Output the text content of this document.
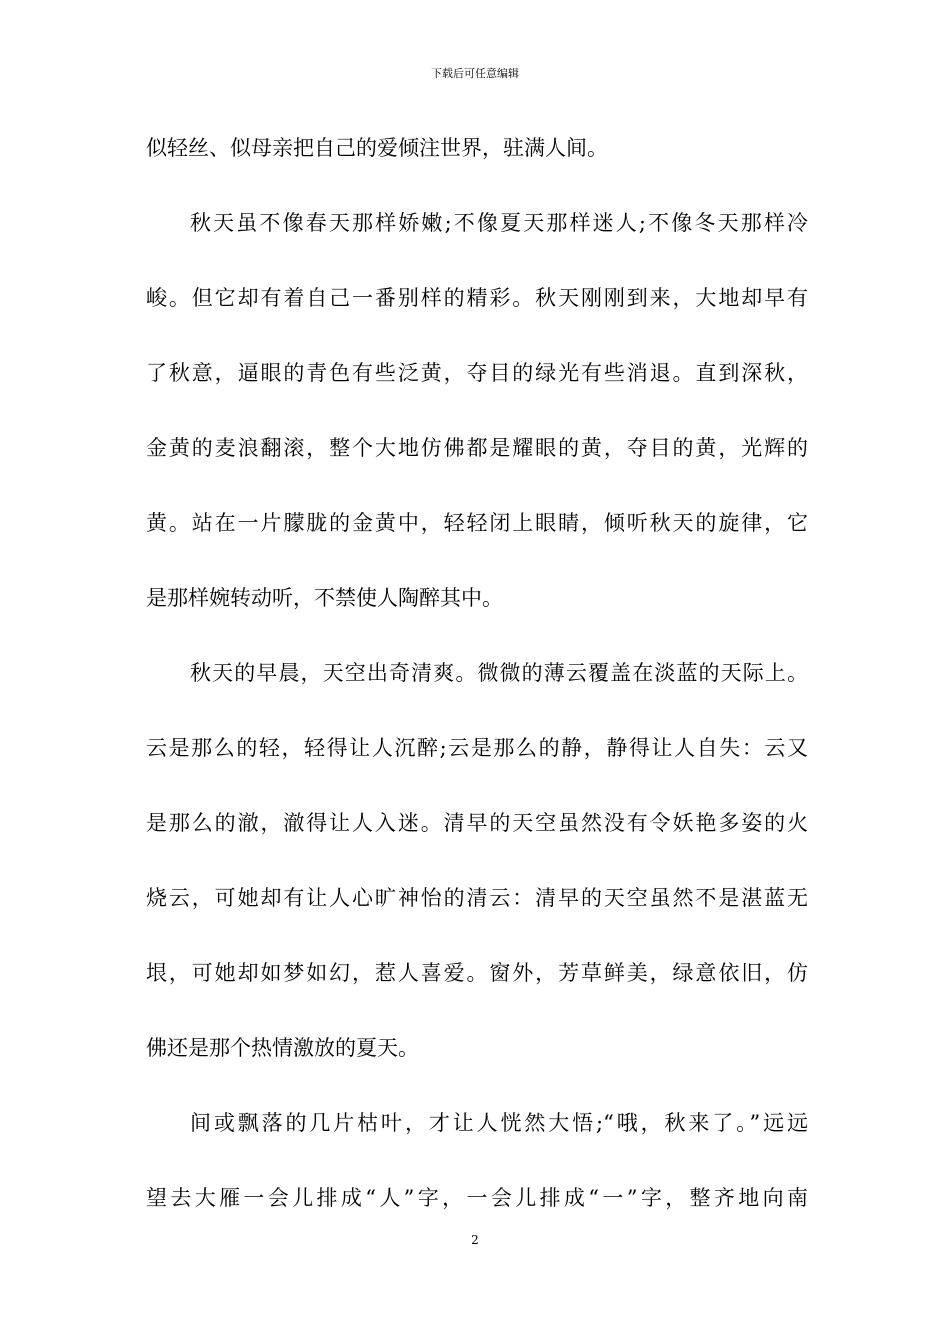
下载后可任意编辑
似轻丝、似母亲把自己的爱倾注世界，驻满人间。
秋天虽不像春天那样娇嫩;不像夏天那样迷人;不像冬天那样冷
峻。但它却有着自己一番别样的精彩。秋天刚刚到来，大地却早有
了秋意，逼眼的青色有些泛黄，夺目的绿光有些消退。直到深秋，
金黄的麦浪翻滚，整个大地仿佛都是耀眼的黄，夺目的黄，光辉的
黄。站在一片朦胧的金黄中，轻轻闭上眼睛，倾听秋天的旋律，它
是那样婉转动听，不禁使人陶醉其中。
秋天的早晨，天空出奇清爽。微微的薄云覆盖在淡蓝的天际上。
云是那么的轻，轻得让人沉醉;云是那么的静，静得让人自失：云又
是那么的澈，澈得让人入迷。清早的天空虽然没有令妖艳多姿的火
烧云，可她却有让人心旷神怡的清云：清早的天空虽然不是湛蓝无
垠，可她却如梦如幻，惹人喜爱。窗外，芳草鲜美，绿意依旧，仿
佛还是那个热情激放的夏天。
间或飘落的几片枯叶，才让人恍然大悟;“哦，秋来了。”远远
望去大雁一会儿排成“人”字，一会儿排成“一”字，整齐地向南
2
